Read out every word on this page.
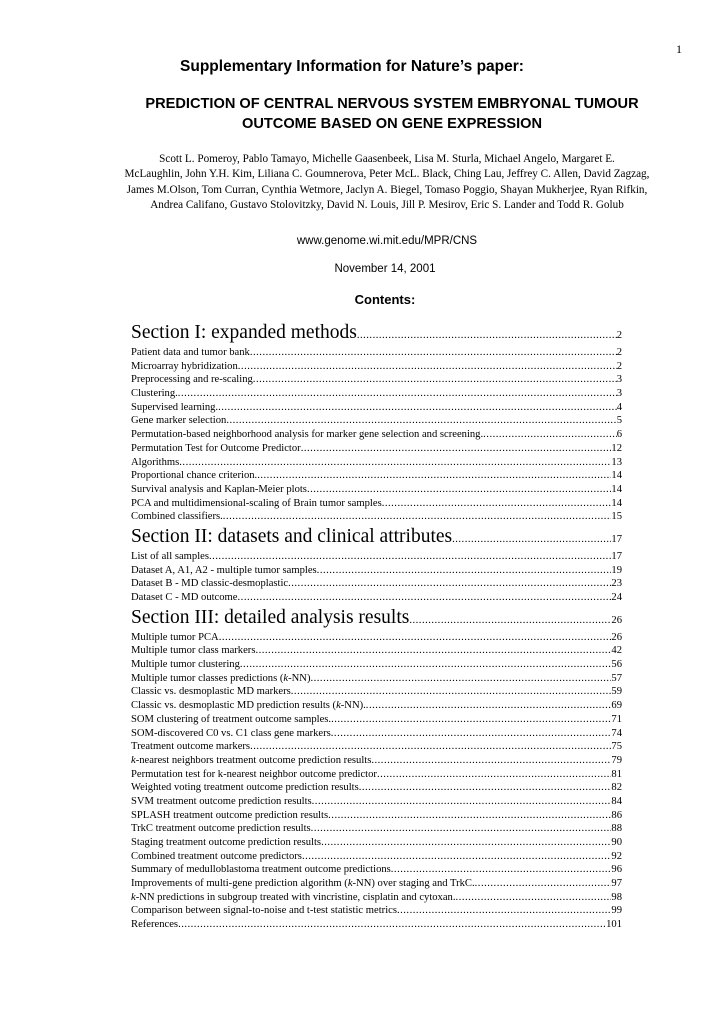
1
Supplementary Information for Nature’s paper:
PREDICTION OF CENTRAL NERVOUS SYSTEM EMBRYONAL TUMOUR
OUTCOME BASED ON GENE EXPRESSION
Scott L. Pomeroy, Pablo Tamayo, Michelle Gaasenbeek, Lisa M. Sturla, Michael Angelo, Margaret E.
McLaughlin, John Y.H. Kim, Liliana C. Goumnerova, Peter McL. Black, Ching Lau, Jeffrey C. Allen, David Zagzag,
James M.Olson, Tom Curran, Cynthia Wetmore, Jaclyn A. Biegel, Tomaso Poggio, Shayan Mukherjee, Ryan Rifkin,
Andrea Califano, Gustavo Stolovitzky, David N. Louis, Jill P. Mesirov, Eric S. Lander and Todd R. Golub
www.genome.wi.mit.edu/MPR/CNS
November 14, 2001
Contents:
Section I: expanded methods .....	2
Patient data and tumor bank .....	2
Microarray hybridization .....	2
Preprocessing and re-scaling .....	3
Clustering. .....	3
Supervised learning. .....	4
Gene marker selection .....	5
Permutation-based neighborhood analysis for marker gene selection and screening. .....	6
Permutation Test for Outcome Predictor .....	12
Algorithms .....	13
Proportional chance criterion. .....	14
Survival analysis and Kaplan-Meier plots .....	14
PCA and multidimensional-scaling of Brain tumor samples .....	14
Combined classifiers. .....	15
Section II: datasets and clinical attributes .....	17
List of all samples .....	17
Dataset A, A1, A2 - multiple tumor samples .....	19
Dataset B - MD classic-desmoplastic .....	23
Dataset C - MD outcome .....	24
Section III: detailed analysis results .....	26
Multiple tumor PCA .....	26
Multiple tumor class markers .....	42
Multiple tumor clustering .....	56
Multiple tumor classes predictions (k-NN) .....	57
Classic vs. desmoplastic MD markers .....	59
Classic vs. desmoplastic MD prediction results (k-NN). .....	69
SOM clustering of treatment outcome samples. .....	71
SOM-discovered C0 vs. C1 class gene markers .....	74
Treatment outcome markers .....	75
k-nearest neighbors treatment outcome prediction results .....	79
Permutation test for k-nearest neighbor outcome predictor .....	81
Weighted voting treatment outcome prediction results .....	82
SVM treatment outcome prediction results .....	84
SPLASH treatment outcome prediction results .....	86
TrkC treatment outcome prediction results .....	88
Staging treatment outcome prediction results .....	90
Combined treatment outcome predictors .....	92
Summary of medulloblastoma treatment outcome predictions .....	96
Improvements of multi-gene prediction algorithm (k-NN) over staging and TrkC. .....	97
k-NN predictions in subgroup treated with vincristine, cisplatin and cytoxan. .....	98
Comparison between signal-to-noise and t-test statistic metrics .....	99
References .....	101
